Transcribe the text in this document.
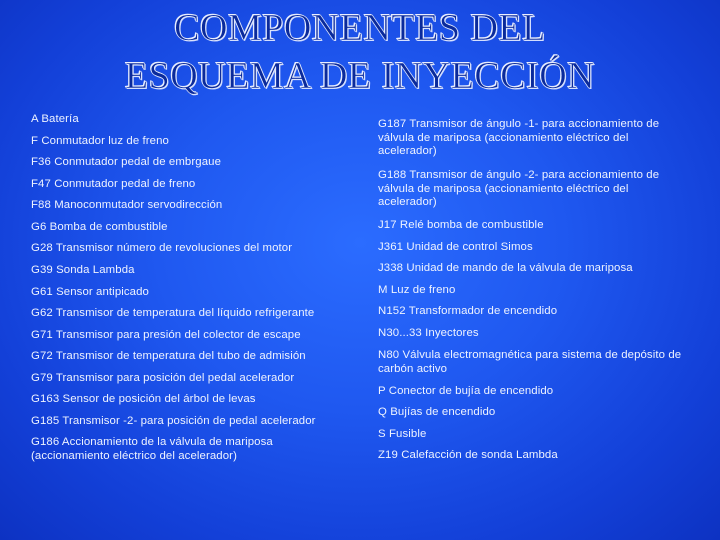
COMPONENTES DEL
ESQUEMA DE INYECCIÓN
A Batería
F Conmutador luz de freno
F36 Conmutador pedal de embrgaue
F47 Conmutador pedal de freno
F88 Manoconmutador servodirección
G6 Bomba de combustible
G28 Transmisor número de revoluciones del motor
G39 Sonda Lambda
G61 Sensor antipicado
G62 Transmisor de temperatura del líquido refrigerante
G71 Transmisor para presión del colector de escape
G72 Transmisor de temperatura del tubo de admisión
G79 Transmisor para posición del pedal acelerador
G163 Sensor de posición del árbol de levas
G185 Transmisor -2- para posición de pedal acelerador
G186 Accionamiento de la válvula de mariposa (accionamiento eléctrico del acelerador)
G187 Transmisor de ángulo -1- para accionamiento de válvula de mariposa (accionamiento eléctrico del acelerador)
G188 Transmisor de ángulo -2- para accionamiento de válvula de mariposa (accionamiento eléctrico del acelerador)
J17 Relé bomba de combustible
J361 Unidad de control Simos
J338 Unidad de mando de la válvula de mariposa
M Luz de freno
N152 Transformador de encendido
N30...33 Inyectores
N80 Válvula electromagnética para sistema de depósito de carbón activo
P Conector de bujía de encendido
Q Bujías de encendido
S Fusible
Z19 Calefacción de sonda Lambda
